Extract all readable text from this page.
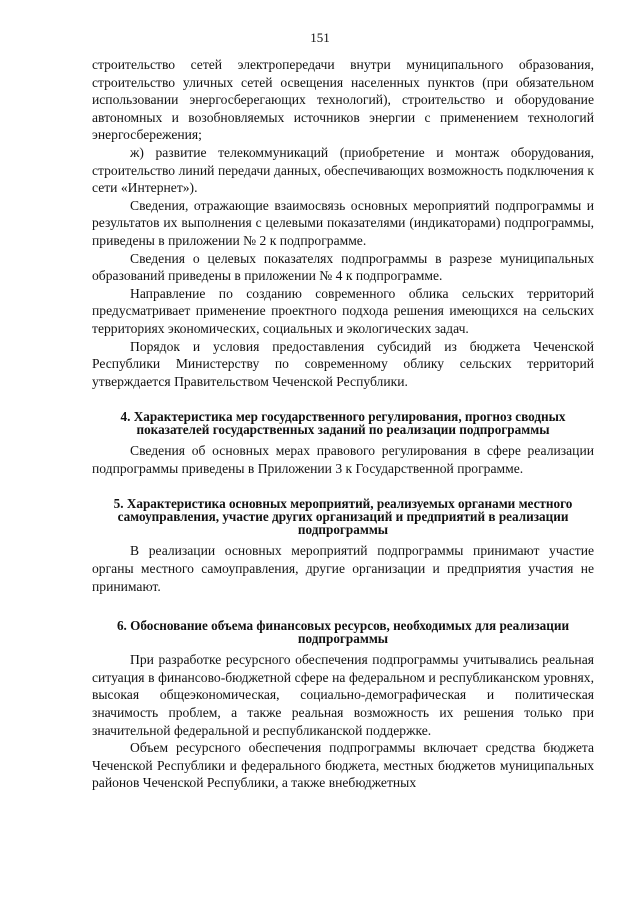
151

строительство сетей электропередачи внутри муниципального образования, строительство уличных сетей освещения населенных пунктов (при обязательном использовании энергосберегающих технологий), строительство и оборудование автономных и возобновляемых источников энергии с применением технологий энергосбережения;

ж) развитие телекоммуникаций (приобретение и монтаж оборудования, строительство линий передачи данных, обеспечивающих возможность подключения к сети «Интернет»).

Сведения, отражающие взаимосвязь основных мероприятий подпрограммы и результатов их выполнения с целевыми показателями (индикаторами) подпрограммы, приведены в приложении № 2 к подпрограмме.

Сведения о целевых показателях подпрограммы в разрезе муниципальных образований приведены в приложении № 4 к подпрограмме.

Направление по созданию современного облика сельских территорий предусматривает применение проектного подхода решения имеющихся на сельских территориях экономических, социальных и экологических задач.

Порядок и условия предоставления субсидий из бюджета Чеченской Республики Министерству по современному облику сельских территорий утверждается Правительством Чеченской Республики.

4. Характеристика мер государственного регулирования, прогноз сводных показателей государственных заданий по реализации подпрограммы

Сведения об основных мерах правового регулирования в сфере реализации подпрограммы приведены в Приложении 3 к Государственной программе.

5. Характеристика основных мероприятий, реализуемых органами местного самоуправления, участие других организаций и предприятий в реализации подпрограммы

В реализации основных мероприятий подпрограммы принимают участие органы местного самоуправления, другие организации и предприятия участия не принимают.

6. Обоснование объема финансовых ресурсов, необходимых для реализации подпрограммы

При разработке ресурсного обеспечения подпрограммы учитывались реальная ситуация в финансово-бюджетной сфере на федеральном и республиканском уровнях, высокая общеэкономическая, социально-демографическая и политическая значимость проблем, а также реальная возможность их решения только при значительной федеральной и республиканской поддержке.

Объем ресурсного обеспечения подпрограммы включает средства бюджета Чеченской Республики и федерального бюджета, местных бюджетов муниципальных районов Чеченской Республики, а также внебюджетных
